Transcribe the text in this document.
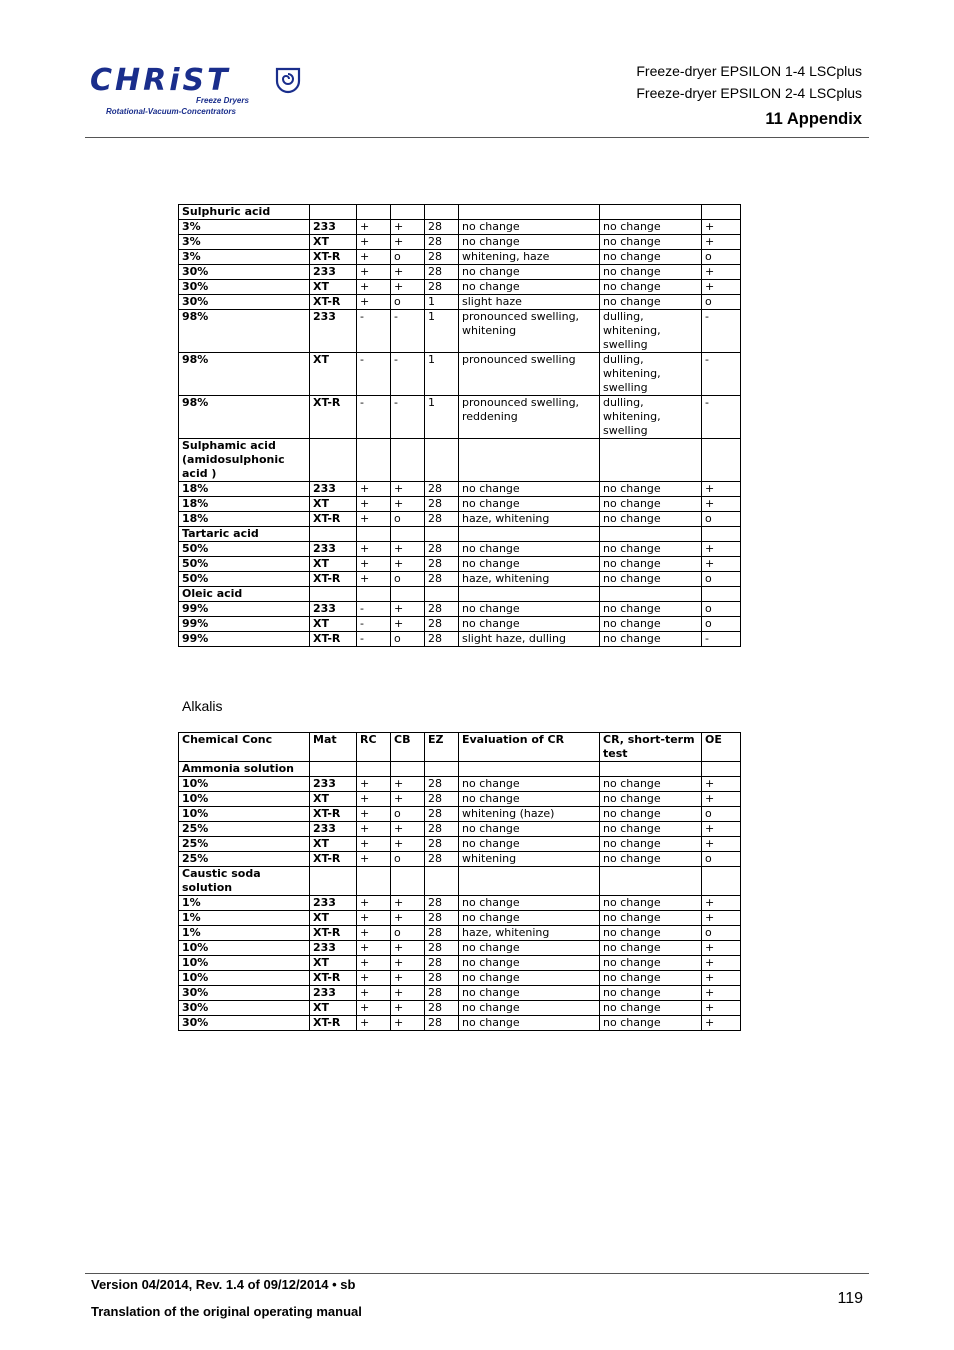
CHRiST
Freeze Dryers
Rotational-Vacuum-Concentrators
Freeze-dryer EPSILON 1-4 LSCplus
Freeze-dryer EPSILON 2-4 LSCplus
11 Appendix
Sulphuric acid							
3%	233	+	+	28	no change	no change	+
3%	XT	+	+	28	no change	no change	+
3%	XT-R	+	o	28	whitening, haze	no change	o
30%	233	+	+	28	no change	no change	+
30%	XT	+	+	28	no change	no change	+
30%	XT-R	+	o	1	slight haze	no change	o
98%	233	-	-	1	pronounced swelling, whitening	dulling, whitening, swelling	-
98%	XT	-	-	1	pronounced swelling	dulling, whitening, swelling	-
98%	XT-R	-	-	1	pronounced swelling, reddening	dulling, whitening, swelling	-
Sulphamic acid (amidosulphonic acid )							
18%	233	+	+	28	no change	no change	+
18%	XT	+	+	28	no change	no change	+
18%	XT-R	+	o	28	haze, whitening	no change	o
Tartaric acid							
50%	233	+	+	28	no change	no change	+
50%	XT	+	+	28	no change	no change	+
50%	XT-R	+	o	28	haze, whitening	no change	o
Oleic acid							
99%	233	-	+	28	no change	no change	o
99%	XT	-	+	28	no change	no change	o
99%	XT-R	-	o	28	slight haze, dulling	no change	-
Alkalis
Chemical Conc	Mat	RC	CB	EZ	Evaluation of CR	CR, short-term test	OE
Ammonia solution							
10%	233	+	+	28	no change	no change	+
10%	XT	+	+	28	no change	no change	+
10%	XT-R	+	o	28	whitening (haze)	no change	o
25%	233	+	+	28	no change	no change	+
25%	XT	+	+	28	no change	no change	+
25%	XT-R	+	o	28	whitening	no change	o
Caustic soda solution							
1%	233	+	+	28	no change	no change	+
1%	XT	+	+	28	no change	no change	+
1%	XT-R	+	o	28	haze, whitening	no change	o
10%	233	+	+	28	no change	no change	+
10%	XT	+	+	28	no change	no change	+
10%	XT-R	+	+	28	no change	no change	+
30%	233	+	+	28	no change	no change	+
30%	XT	+	+	28	no change	no change	+
30%	XT-R	+	+	28	no change	no change	+
Version 04/2014, Rev. 1.4 of 09/12/2014 • sb
Translation of the original operating manual
119
